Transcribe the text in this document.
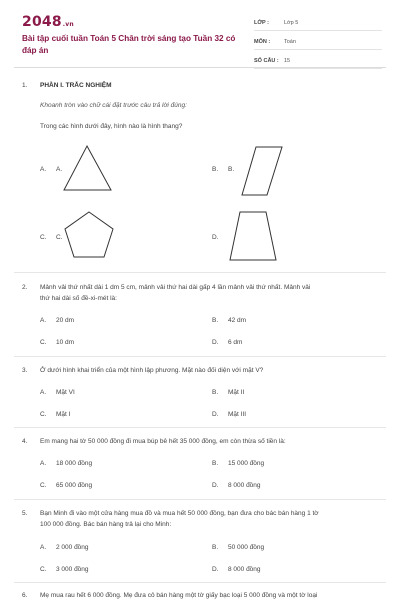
2048.vn
Bài tập cuối tuần Toán 5 Chân trời sáng tạo Tuần 32 có đáp án
LỚP :	Lớp 5
MÔN :	Toán
SỐ CÂU : 15
1. PHẦN I. TRẮC NGHIỆM
Khoanh tròn vào chữ cái đặt trước câu trả lời đúng:
Trong các hình dưới đây, hình nào là hình thang?
A. A.	B. B.
C. C.	D.
2. Mảnh vải thứ nhất dài 1 dm 5 cm, mảnh vải thứ hai dài gấp 4 lần mảnh vải thứ nhất. Mảnh vải
thứ hai dài số đề-xi-mét là:
A. 20 dm	B. 42 dm
C. 10 dm	D. 6 dm
3. Ở dưới hình khai triển của một hình lập phương. Mặt nào đối diện với mặt V?
A. Mặt VI	B. Mặt II
C. Mặt I	D. Mặt III
4. Em mang hai tờ 50 000 đồng đi mua búp bê hết 35 000 đồng, em còn thừa số tiền là:
A. 18 000 đồng	B. 15 000 đồng
C. 65 000 đồng	D. 8 000 đồng
5. Bạn Minh đi vào một cửa hàng mua đồ và mua hết 50 000 đồng, bạn đưa cho bác bán hàng 1 tờ
100 000 đồng. Bác bán hàng trả lại cho Minh:
A. 2 000 đồng	B. 50 000 đồng
C. 3 000 đồng	D. 8 000 đồng
6. Mẹ mua rau hết 6 000 đồng. Mẹ đưa cô bán hàng một tờ giấy bạc loại 5 000 đồng và một tờ loại
